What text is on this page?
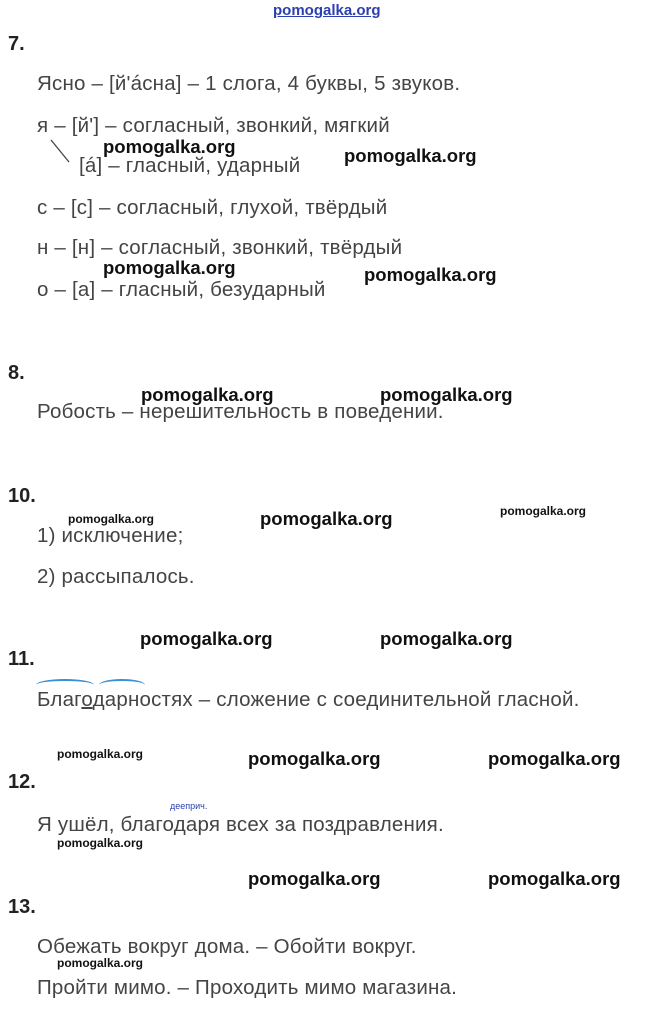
pomogalka.org
7.
Ясно – [й'áсна] – 1 слога, 4 буквы, 5 звуков.
я – [й'] – согласный, звонкий, мягкий
[á] – гласный, ударный
с – [с] – согласный, глухой, твёрдый
н – [н] – согласный, звонкий, твёрдый
о – [а] – гласный, безударный
8.
Робость – нерешительность в поведении.
10.
1) исключение;
2) рассыпалось.
11.
Благодарностях – сложение с соединительной гласной.
12.
дееприч.
Я ушёл, благодаря всех за поздравления.
13.
Обежать вокруг дома. – Обойти вокруг.
Пройти мимо. – Проходить мимо магазина.
pomogalka.org	pomogalka.org
pomogalka.org	pomogalka.org
pomogalka.org	pomogalka.org
pomogalka.org	pomogalka.org	pomogalka.org
pomogalka.org	pomogalka.org
pomogalka.org	pomogalka.org	pomogalka.org
pomogalka.org
pomogalka.org	pomogalka.org
pomogalka.org
